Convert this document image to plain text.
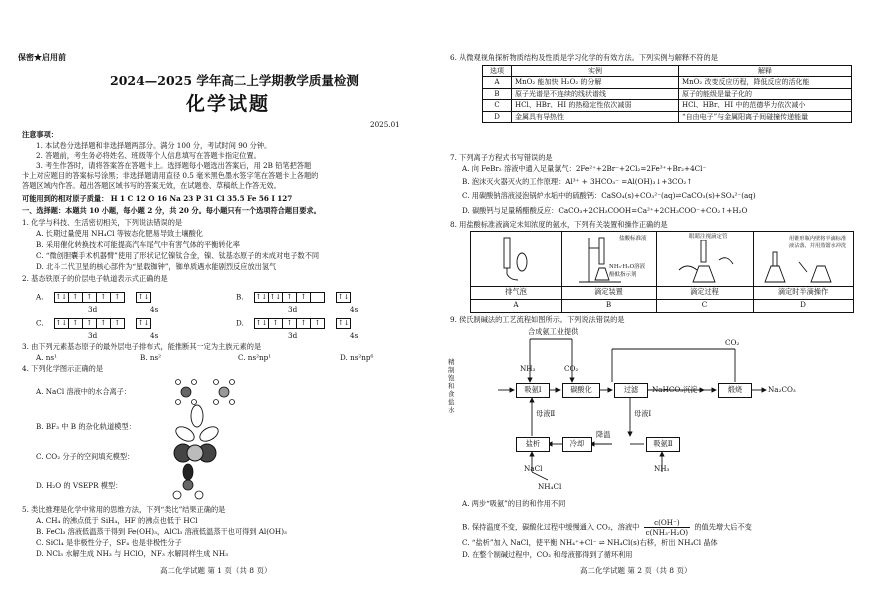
保密★启用前
2024—2025 学年高二上学期教学质量检测
化学试题
2025.01
注意事项：
1. 本试卷分选择题和非选择题两部分。满分 100 分，考试时间 90 分钟。
2. 答题前，考生务必将姓名、班级等个人信息填写在答题卡指定位置。
3. 考生作答时，请将答案答在答题卡上。选择题每小题选出答案后，用 2B 铅笔把答题
卡上对应题目的答案标号涂黑；非选择题请用直径 0.5 毫米黑色墨水签字笔在答题卡上各题的
答题区域内作答。超出答题区域书写的答案无效，在试题卷、草稿纸上作答无效。
可能用到的相对原子质量： H 1 C 12 O 16 Na 23 P 31 Cl 35.5 Fe 56 I 127
一、选择题：本题共 10 小题，每小题 2 分，共 20 分。每小题只有一个选项符合题目要求。
1. 化学与科技、生活密切相关，下列说法错误的是
A. 长期过量使用 NH₄Cl 等铵态化肥易导致土壤酸化
B. 采用催化转换技术可能提高汽车尾气中有害气体的平衡转化率
C. “微创胆囊手术机器臂”使用了形状记忆镍钛合金，镍、钛基态原子的未成对电子数不同
D. 北斗二代卫星的核心部件为“星载铷钟”，铷单质遇水能剧烈反应放出氢气
2. 基态铁原子的价层电子轨道表示式正确的是
A. ↑↓ ↑ ↑ ↑ ↑ ↑↓
3d	4s
B. ↑↓ ↑↓ ↑ ↑	↑↓
3d	4s
C. ↑↓ ↑ ↑ ↑ ↑ ↑↓
3d	4s
D. ↑↓ ↑ ↑ ↑ ↑ ↑↓
3d	4s
3. 由下列元素基态原子的最外层电子排布式，能推断其一定为主族元素的是
A. ns¹	B. ns²	C. ns²np¹	D. ns²np⁶
4. 下列化学图示正确的是
A. NaCl 溶液中的水合离子：
B. BF₃ 中 B 的杂化轨道模型：
C. CO₂ 分子的空间填充模型：
D. H₂O 的 VSEPR 模型：
5. 类比推理是化学中常用的思维方法，下列“类比”结果正确的是
A. CH₄ 的沸点低于 SiH₄，HF 的沸点也低于 HCl
B. FeCl₃ 溶液低温蒸干得到 Fe(OH)₃，AlCl₃ 溶液低温蒸干也可得到 Al(OH)₃
C. SiCl₄ 是非极性分子，SF₄ 也是非极性分子
D. NCl₃ 水解生成 NH₃ 与 HClO，NF₃ 水解同样生成 NH₃
高二化学试题 第 1 页（共 8 页）
6. 从微观视角探析物质结构及性质是学习化学的有效方法。下列实例与解释不符的是
选项	实例	解释
A	MnO₂ 能加快 H₂O₂ 的分解	MnO₂ 改变反应历程，降低反应的活化能
B	原子光谱是不连续的线状谱线	原子的能级是量子化的
C	HCl、HBr、HI 的热稳定性依次减弱	HCl、HBr、HI 中的范德华力依次减小
D	金属具有导热性	“自由电子”与金属阳离子间碰撞传递能量
7. 下列离子方程式书写错误的是
A. 向 FeBr₂ 溶液中通入足量氯气：2Fe²⁺+2Br⁻+2Cl₂=2Fe³⁺+Br₂+4Cl⁻
B. 泡沫灭火器灭火的工作原理：Al³⁺ + 3HCO₃⁻ =Al(OH)₃↓+3CO₂↑
C. 用碳酸钠溶液浸泡锅炉水垢中的硫酸钙：CaSO₄(s)+CO₃²⁻(aq)⇌CaCO₃(s)+SO₄²⁻(aq)
D. 碳酸钙与足量稀醋酸反应：CaCO₃+2CH₃COOH=Ca²⁺+2CH₃COO⁻+CO₂↑+H₂O
8. 用盐酸标准液滴定未知浓度的氨水，下列有关装置和操作正确的是
盐酸标准液
NH₃·H₂O溶液
酚酞指示剂
眼睛注视滴定管	用锥形瓶内壁将半滴标准
液沾落，并用蒸馏水冲洗
排气泡	滴定装置	滴定过程	滴定时半滴操作
A	B	C	D
9. 侯氏制碱法的工艺流程如图所示。下列说法错误的是
合成氨工业提供
CO₂
NH₃	CO₂
精制饱和食盐水
吸氨Ⅰ	碳酸化	过滤	NaHCO₃沉淀	煅烧	Na₂CO₃
母液Ⅱ	母液Ⅰ
降温
盐析	冷却	吸氨Ⅱ
NaCl	NH₃
NH₄Cl
A. 两步“吸氨”的目的和作用不同
B. 保持温度不变，碳酸化过程中缓慢通入 CO₂，溶液中 $\frac{c(OH^-)}{\text{c(NH₃·H₂O)}}$ 的值先增大后不变
C. “盐析”加入 NaCl，使平衡 NH₄⁺+Cl⁻ ⇌ NH₄Cl(s)右移，析出 NH₄Cl 晶体
D. 在整个制碱过程中，CO₂ 和母液都得到了循环利用
高二化学试题 第 2 页（共 8 页）
